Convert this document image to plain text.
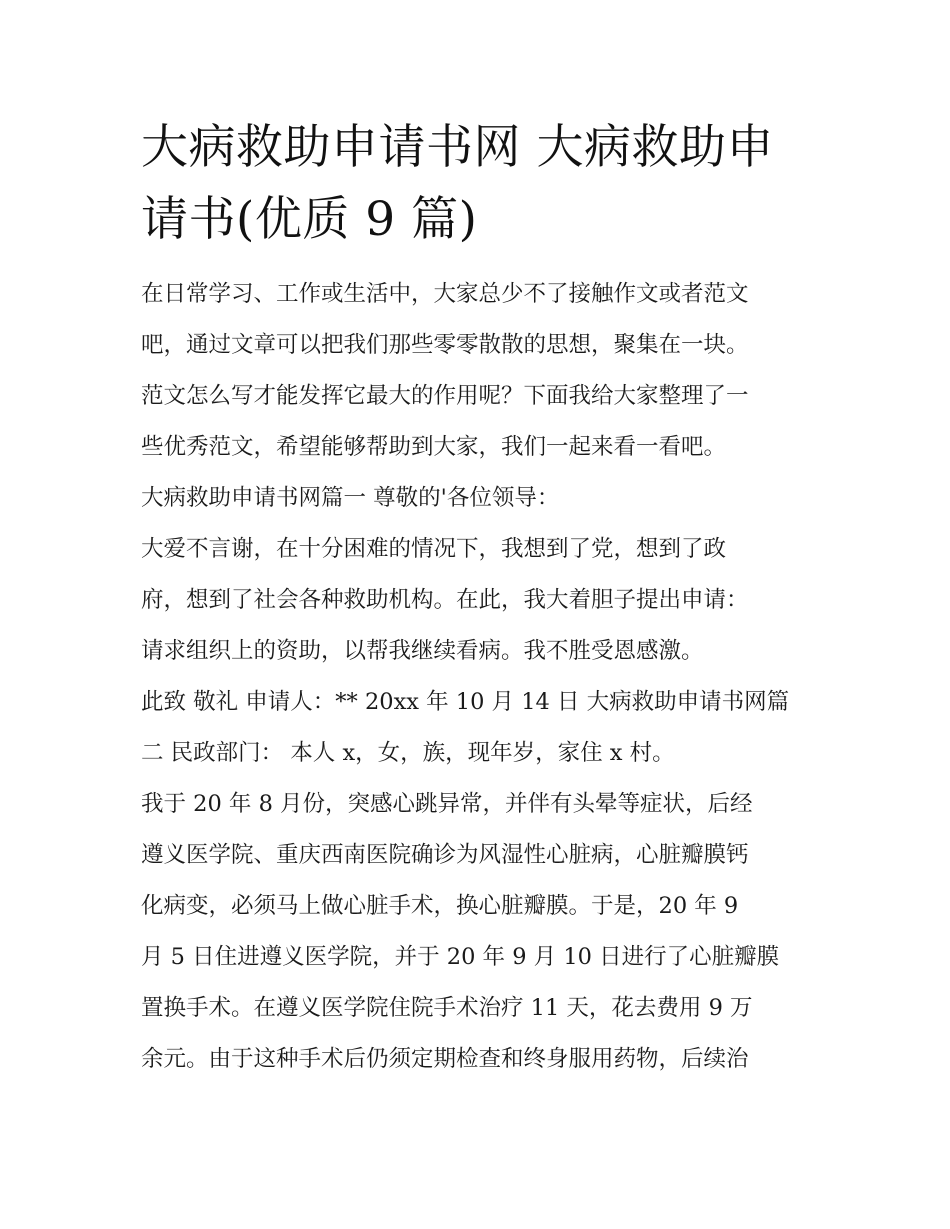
大病救助申请书网 大病救助申
请书(优质 9 篇)
在日常学习、工作或生活中，大家总少不了接触作文或者范文
吧，通过文章可以把我们那些零零散散的思想，聚集在一块。
范文怎么写才能发挥它最大的作用呢？下面我给大家整理了一
些优秀范文，希望能够帮助到大家，我们一起来看一看吧。
大病救助申请书网篇一 尊敬的'各位领导：
大爱不言谢，在十分困难的情况下，我想到了党，想到了政
府，想到了社会各种救助机构。在此，我大着胆子提出申请：
请求组织上的资助，以帮我继续看病。我不胜受恩感激。
此致 敬礼 申请人：** 20xx 年 10 月 14 日 大病救助申请书网篇
二 民政部门： 本人 x，女，族，现年岁，家住 x 村。
我于 20 年 8 月份，突感心跳异常，并伴有头晕等症状，后经
遵义医学院、重庆西南医院确诊为风湿性心脏病，心脏瓣膜钙
化病变，必须马上做心脏手术，换心脏瓣膜。于是，20 年 9
月 5 日住进遵义医学院，并于 20 年 9 月 10 日进行了心脏瓣膜
置换手术。在遵义医学院住院手术治疗 11 天，花去费用 9 万
余元。由于这种手术后仍须定期检查和终身服用药物，后续治
